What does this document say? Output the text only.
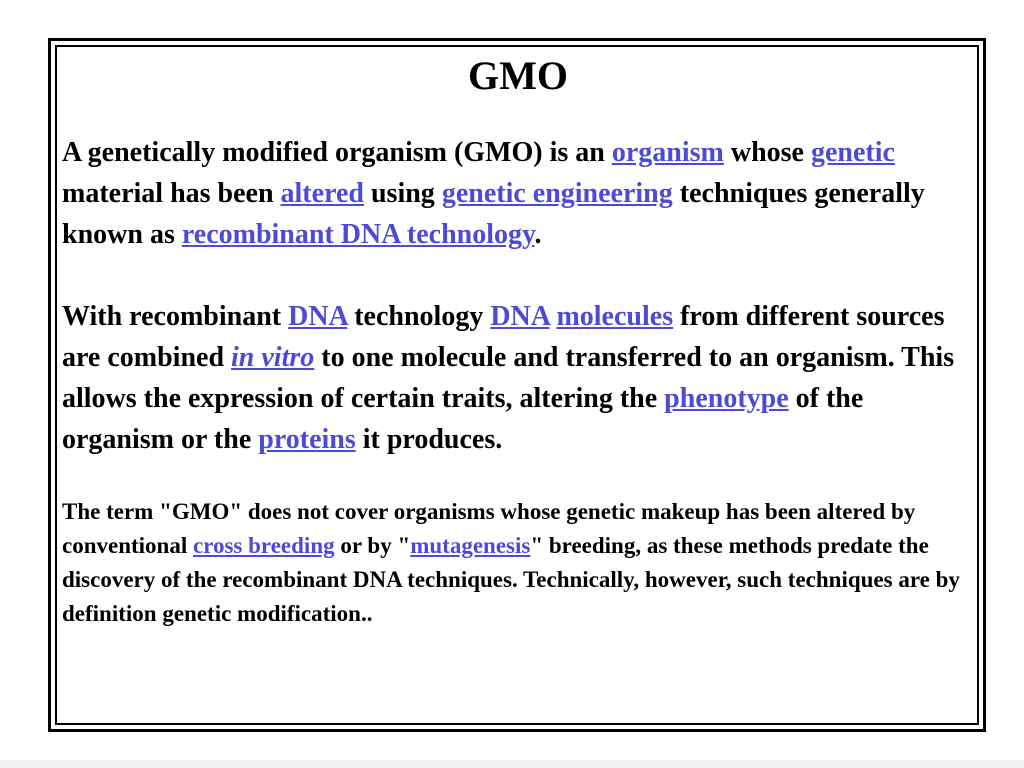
GMO

A genetically modified organism (GMO) is an organism whose genetic material has been altered using genetic engineering techniques generally known as recombinant DNA technology.

With recombinant DNA technology DNA molecules from different sources are combined in vitro to one molecule and transferred to an organism. This allows the expression of certain traits, altering the phenotype of the organism or the proteins it produces.

The term "GMO" does not cover organisms whose genetic makeup has been altered by conventional cross breeding or by "mutagenesis" breeding, as these methods predate the discovery of the recombinant DNA techniques. Technically, however, such techniques are by definition genetic modification..
